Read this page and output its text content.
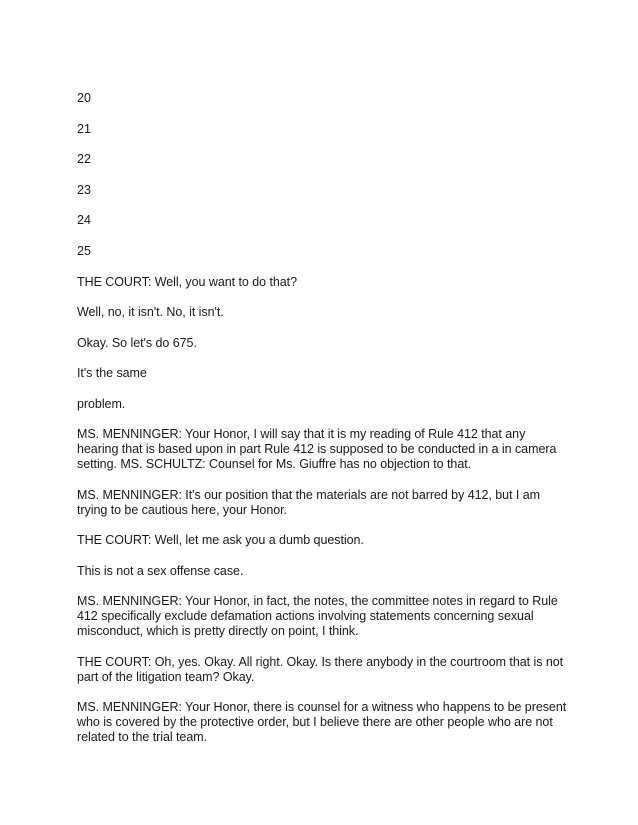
20
21
22
23
24
25

THE COURT: Well, you want to do that?

Well, no, it isn't. No, it isn't.

Okay. So let's do 675.

It's the same

problem.

MS. MENNINGER: Your Honor, I will say that it is my reading of Rule 412 that any hearing that is based upon in part Rule 412 is supposed to be conducted in a in camera setting. MS. SCHULTZ: Counsel for Ms. Giuffre has no objection to that.

MS. MENNINGER: It's our position that the materials are not barred by 412, but I am trying to be cautious here, your Honor.

THE COURT: Well, let me ask you a dumb question.

This is not a sex offense case.

MS. MENNINGER: Your Honor, in fact, the notes, the committee notes in regard to Rule 412 specifically exclude defamation actions involving statements concerning sexual misconduct, which is pretty directly on point, I think.

THE COURT: Oh, yes. Okay. All right. Okay. Is there anybody in the courtroom that is not part of the litigation team? Okay.

MS. MENNINGER: Your Honor, there is counsel for a witness who happens to be present who is covered by the protective order, but I believe there are other people who are not related to the trial team.
